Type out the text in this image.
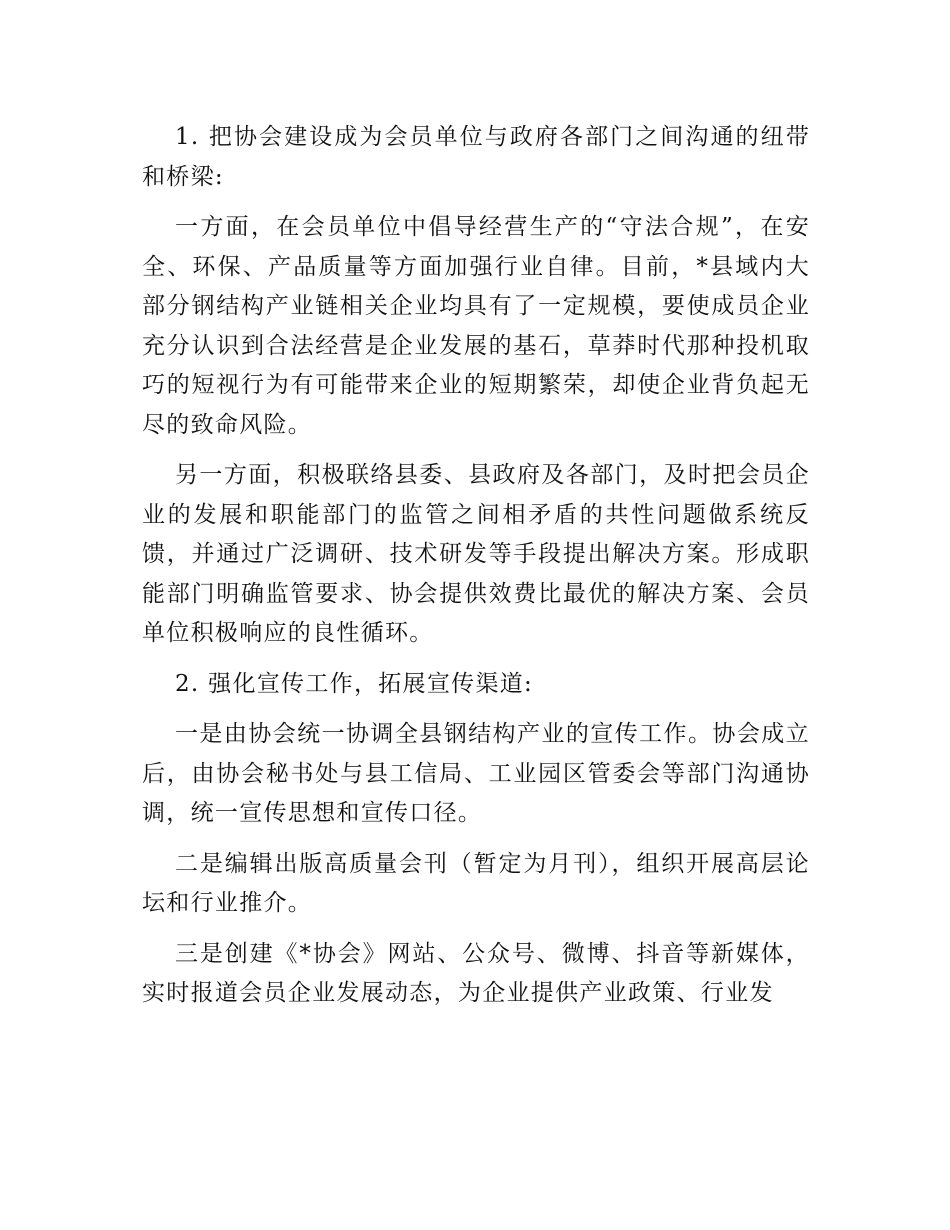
1. 把协会建设成为会员单位与政府各部门之间沟通的纽带和桥梁:

一方面，在会员单位中倡导经营生产的“守法合规”，在安全、环保、产品质量等方面加强行业自律。目前，*县域内大部分钢结构产业链相关企业均具有了一定规模，要使成员企业充分认识到合法经营是企业发展的基石，草莽时代那种投机取巧的短视行为有可能带来企业的短期繁荣，却使企业背负起无尽的致命风险。

另一方面，积极联络县委、县政府及各部门，及时把会员企业的发展和职能部门的监管之间相矛盾的共性问题做系统反馈，并通过广泛调研、技术研发等手段提出解决方案。形成职能部门明确监管要求、协会提供效费比最优的解决方案、会员单位积极响应的良性循环。

2. 强化宣传工作，拓展宣传渠道:

一是由协会统一协调全县钢结构产业的宣传工作。协会成立后，由协会秘书处与县工信局、工业园区管委会等部门沟通协调，统一宣传思想和宣传口径。

二是编辑出版高质量会刊（暂定为月刊），组织开展高层论坛和行业推介。

三是创建《*协会》网站、公众号、微博、抖音等新媒体，实时报道会员企业发展动态，为企业提供产业政策、行业发
